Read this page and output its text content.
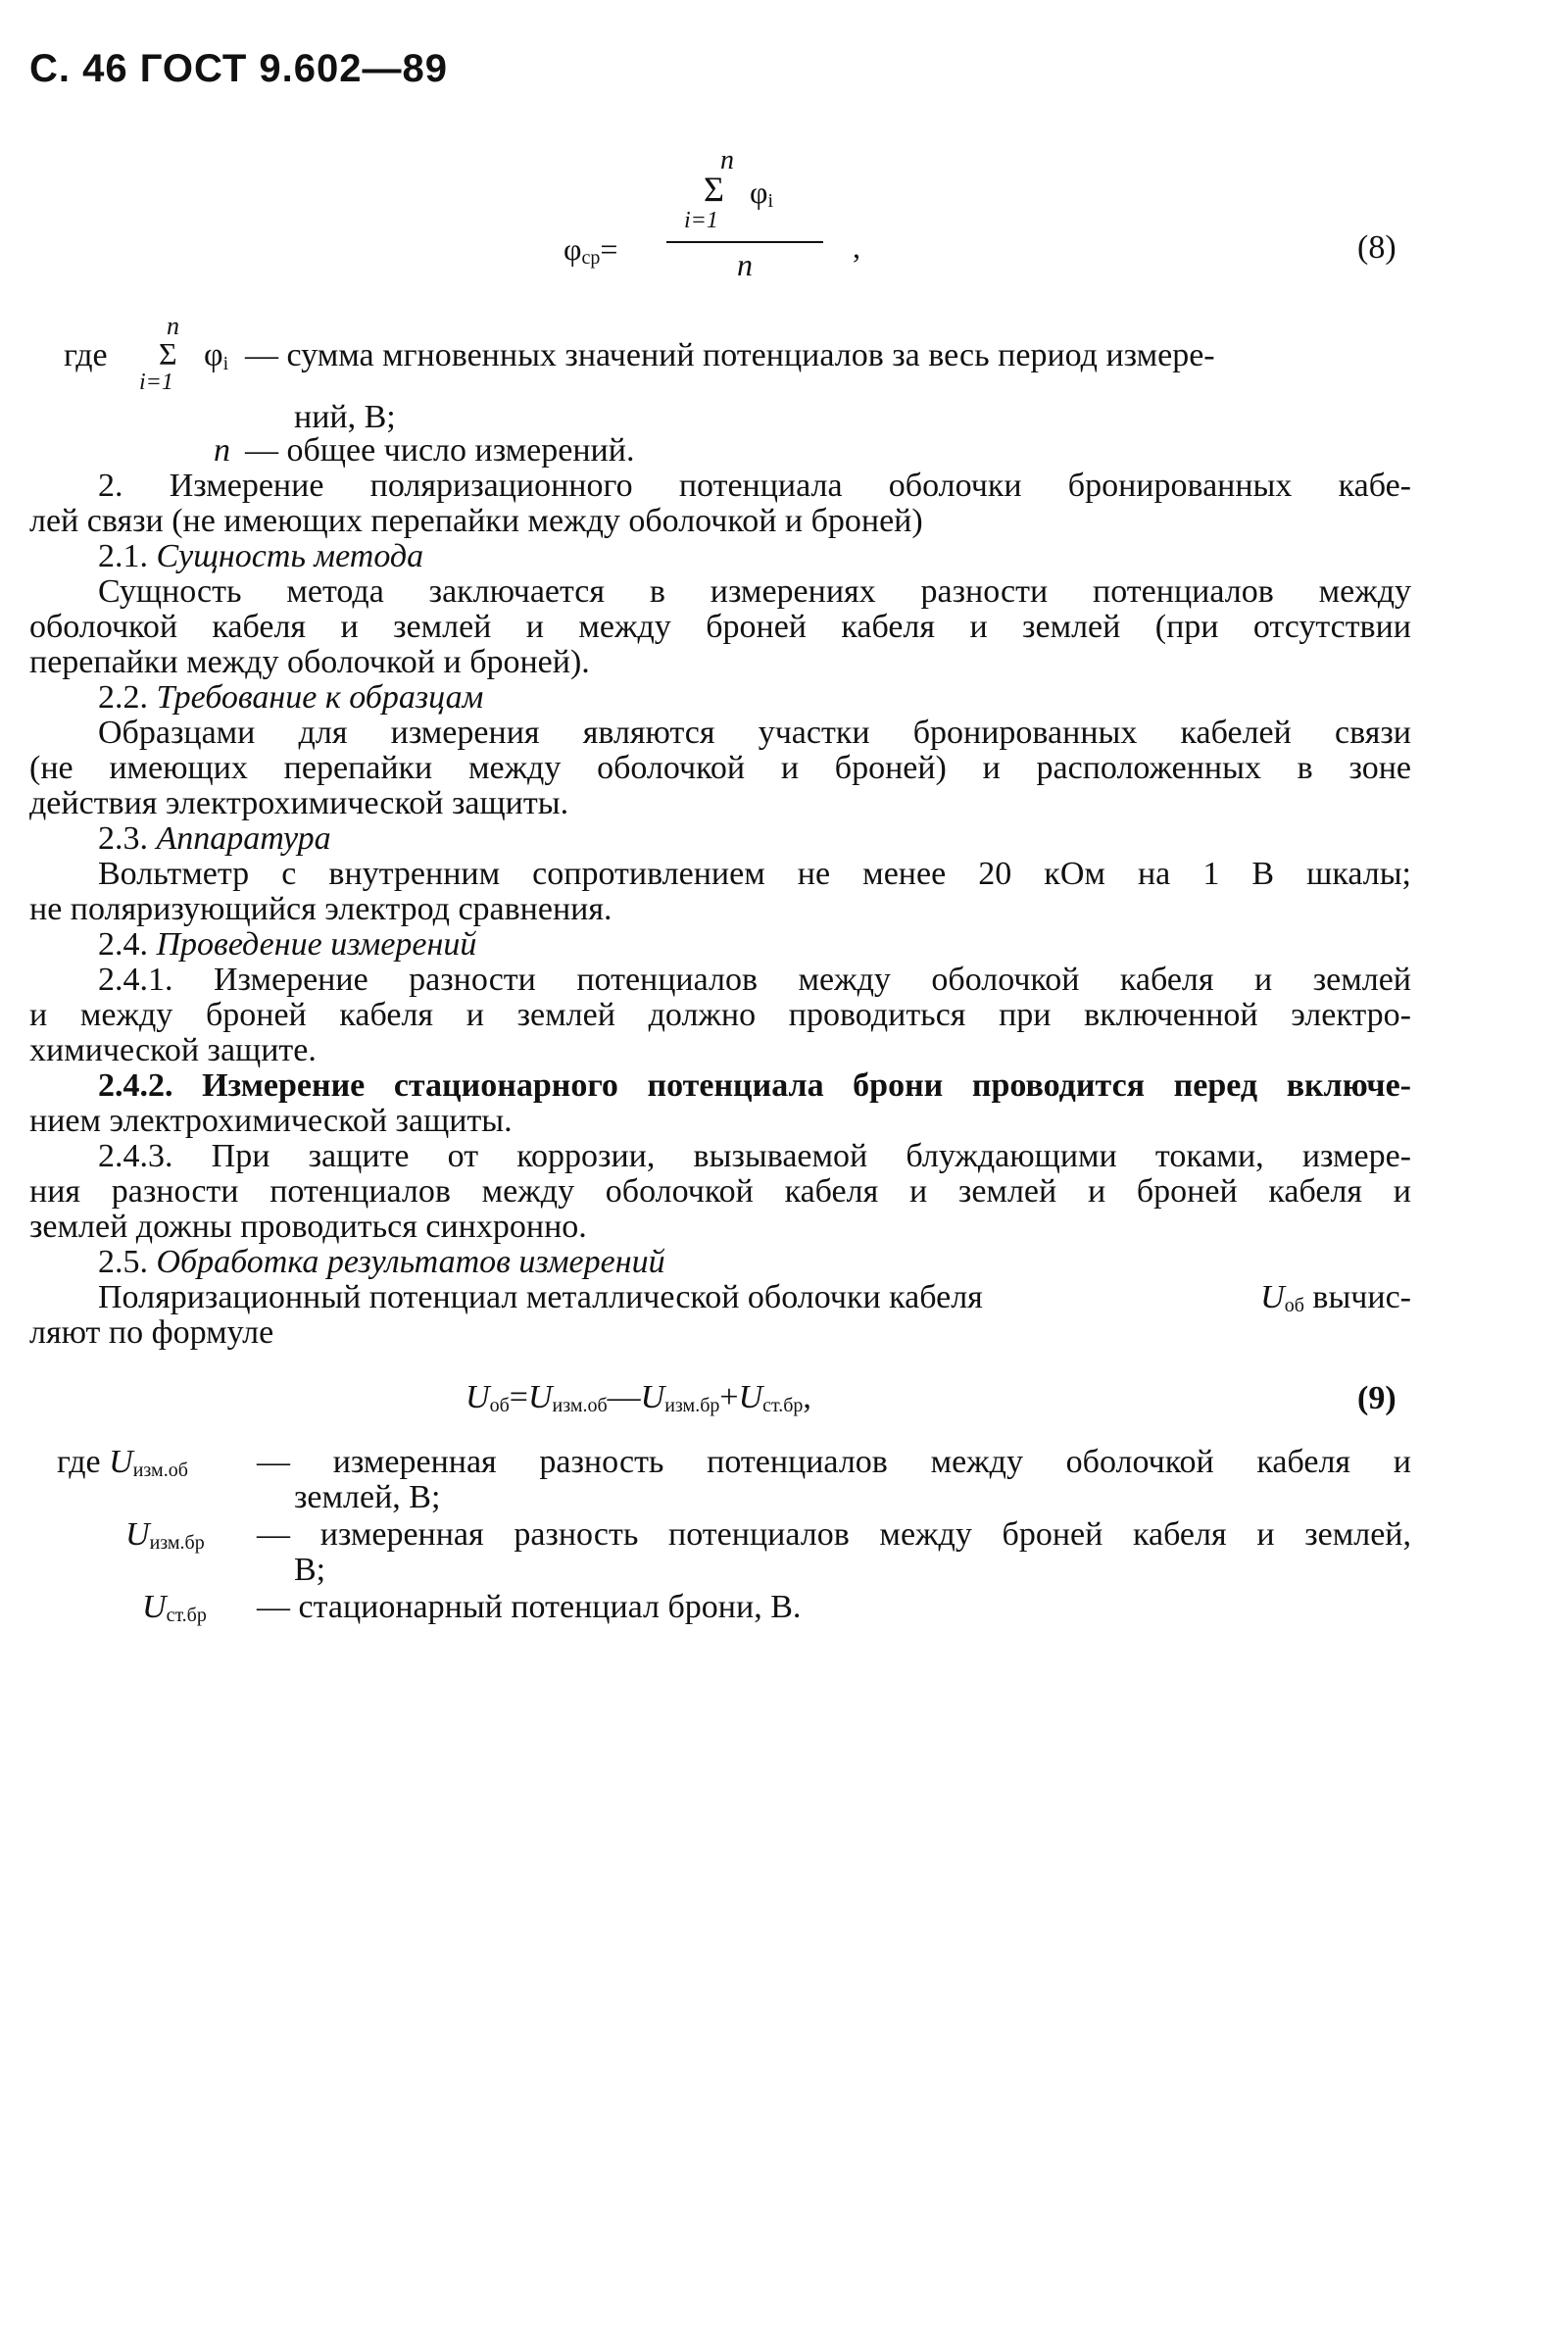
С. 46 ГОСТ 9.602—89
n
Σ $\varphi_i$
i=1
$\varphi_{ср}=$	n	,	(8)
где
n
Σ
i=1
$\varphi_i$ — сумма мгновенных значений потенциалов за весь период измере-
ний, В;
n — общее число измерений.
2. Измерение поляризационного потенциала оболочки бронированных кабе-
лей связи (не имеющих перепайки между оболочкой и броней)
2.1. Сущность метода
Сущность метода заключается в измерениях разности потенциалов между
оболочкой кабеля и землей и между броней кабеля и землей (при отсутствии
перепайки между оболочкой и броней).
2.2. Требование к образцам
Образцами для измерения являются участки бронированных кабелей связи
(не имеющих перепайки между оболочкой и броней) и расположенных в зоне
действия электрохимической защиты.
2.3. Аппаратура
Вольтметр с внутренним сопротивлением не менее 20 кОм на 1 В шкалы;
не поляризующийся электрод сравнения.
2.4. Проведение измерений
2.4.1. Измерение разности потенциалов между оболочкой кабеля и землей
и между броней кабеля и землей должно проводиться при включенной электро-
химической защите.
2.4.2. Измерение стационарного потенциала брони проводится перед включе-
нием электрохимической защиты.
2.4.3. При защите от коррозии, вызываемой блуждающими токами, измере-
ния разности потенциалов между оболочкой кабеля и землей и броней кабеля и
землей дожны проводиться синхронно.
2.5. Обработка результатов измерений
Поляризационный потенциал металлической оболочки кабеля	$U_{об}$ вычис-
ляют по формуле
$U_{об}=U_{изм.об}—U_{изм.бр}+U_{ст.бр}$,	(9)
где $U_{изм.об}$ — измеренная разность потенциалов между оболочкой кабеля и
землей, В;
$U_{изм.бр}$ — измеренная разность потенциалов между броней кабеля и землей,
В;
$U_{ст.бр}$ — стационарный потенциал брони, В.
